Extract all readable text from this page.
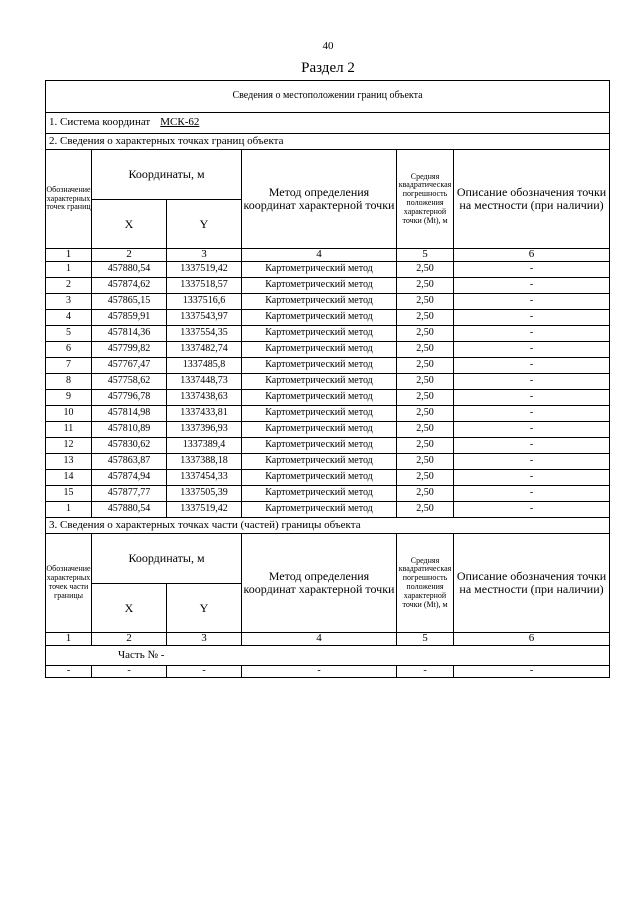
40
Раздел 2
Сведения о местоположении границ объекта					
1. Система координат МСК-62					
2. Сведения о характерных точках границ объекта					
Обозначение характерных точек границ	Координаты, м		Метод определения координат характерной точки	Средняя квадратическая погрешность положения характерной точки (Mt), м	Описание обозначения точки на местности (при наличии)
	X	Y			
1	2	3	4	5	6
1	457880,54	1337519,42	Картометрический метод	2,50	-
2	457874,62	1337518,57	Картометрический метод	2,50	-
3	457865,15	1337516,6	Картометрический метод	2,50	-
4	457859,91	1337543,97	Картометрический метод	2,50	-
5	457814,36	1337554,35	Картометрический метод	2,50	-
6	457799,82	1337482,74	Картометрический метод	2,50	-
7	457767,47	1337485,8	Картометрический метод	2,50	-
8	457758,62	1337448,73	Картометрический метод	2,50	-
9	457796,78	1337438,63	Картометрический метод	2,50	-
10	457814,98	1337433,81	Картометрический метод	2,50	-
11	457810,89	1337396,93	Картометрический метод	2,50	-
12	457830,62	1337389,4	Картометрический метод	2,50	-
13	457863,87	1337388,18	Картометрический метод	2,50	-
14	457874,94	1337454,33	Картометрический метод	2,50	-
15	457877,77	1337505,39	Картометрический метод	2,50	-
1	457880,54	1337519,42	Картометрический метод	2,50	-
3. Сведения о характерных точках части (частей) границы объекта					
Обозначение характерных точек части границы	Координаты, м		Метод определения координат характерной точки	Средняя квадратическая погрешность положения характерной точки (Mt), м	Описание обозначения точки на местности (при наличии)
	X	Y			
1	2	3	4	5	6
Часть № -					
-	-	-	-	-	-
